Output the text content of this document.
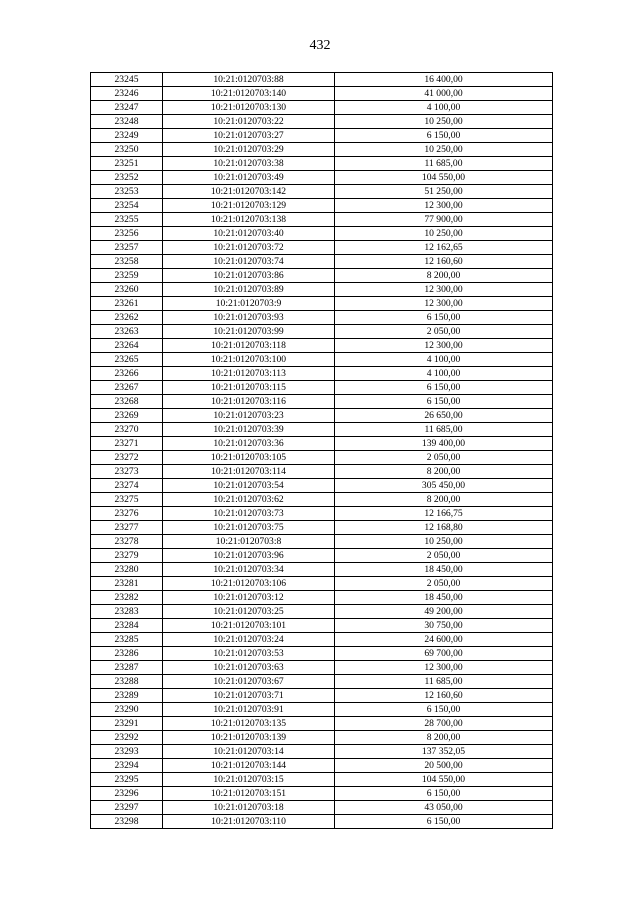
432
23245	10:21:0120703:88	16 400,00
23246	10:21:0120703:140	41 000,00
23247	10:21:0120703:130	4 100,00
23248	10:21:0120703:22	10 250,00
23249	10:21:0120703:27	6 150,00
23250	10:21:0120703:29	10 250,00
23251	10:21:0120703:38	11 685,00
23252	10:21:0120703:49	104 550,00
23253	10:21:0120703:142	51 250,00
23254	10:21:0120703:129	12 300,00
23255	10:21:0120703:138	77 900,00
23256	10:21:0120703:40	10 250,00
23257	10:21:0120703:72	12 162,65
23258	10:21:0120703:74	12 160,60
23259	10:21:0120703:86	8 200,00
23260	10:21:0120703:89	12 300,00
23261	10:21:0120703:9	12 300,00
23262	10:21:0120703:93	6 150,00
23263	10:21:0120703:99	2 050,00
23264	10:21:0120703:118	12 300,00
23265	10:21:0120703:100	4 100,00
23266	10:21:0120703:113	4 100,00
23267	10:21:0120703:115	6 150,00
23268	10:21:0120703:116	6 150,00
23269	10:21:0120703:23	26 650,00
23270	10:21:0120703:39	11 685,00
23271	10:21:0120703:36	139 400,00
23272	10:21:0120703:105	2 050,00
23273	10:21:0120703:114	8 200,00
23274	10:21:0120703:54	305 450,00
23275	10:21:0120703:62	8 200,00
23276	10:21:0120703:73	12 166,75
23277	10:21:0120703:75	12 168,80
23278	10:21:0120703:8	10 250,00
23279	10:21:0120703:96	2 050,00
23280	10:21:0120703:34	18 450,00
23281	10:21:0120703:106	2 050,00
23282	10:21:0120703:12	18 450,00
23283	10:21:0120703:25	49 200,00
23284	10:21:0120703:101	30 750,00
23285	10:21:0120703:24	24 600,00
23286	10:21:0120703:53	69 700,00
23287	10:21:0120703:63	12 300,00
23288	10:21:0120703:67	11 685,00
23289	10:21:0120703:71	12 160,60
23290	10:21:0120703:91	6 150,00
23291	10:21:0120703:135	28 700,00
23292	10:21:0120703:139	8 200,00
23293	10:21:0120703:14	137 352,05
23294	10:21:0120703:144	20 500,00
23295	10:21:0120703:15	104 550,00
23296	10:21:0120703:151	6 150,00
23297	10:21:0120703:18	43 050,00
23298	10:21:0120703:110	6 150,00
